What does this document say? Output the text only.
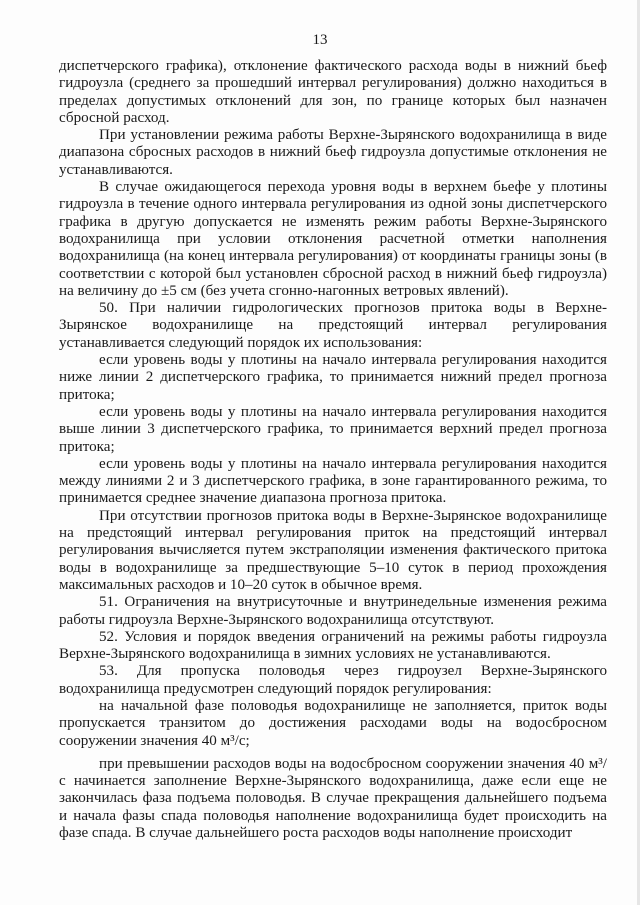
13

диспетчерского графика), отклонение фактического расхода воды в нижний бьеф гидроузла (среднего за прошедший интервал регулирования) должно находиться в пределах допустимых отклонений для зон, по границе которых был назначен сбросной расход.

При установлении режима работы Верхне-Зырянского водохранилища в виде диапазона сбросных расходов в нижний бьеф гидроузла допустимые отклонения не устанавливаются.

В случае ожидающегося перехода уровня воды в верхнем бьефе у плотины гидроузла в течение одного интервала регулирования из одной зоны диспетчерского графика в другую допускается не изменять режим работы Верхне-Зырянского водохранилища при условии отклонения расчетной отметки наполнения водохранилища (на конец интервала регулирования) от координаты границы зоны (в соответствии с которой был установлен сбросной расход в нижний бьеф гидроузла) на величину до ±5 см (без учета сгонно-нагонных ветровых явлений).

50. При наличии гидрологических прогнозов притока воды в Верхне-Зырянское водохранилище на предстоящий интервал регулирования устанавливается следующий порядок их использования:

если уровень воды у плотины на начало интервала регулирования находится ниже линии 2 диспетчерского графика, то принимается нижний предел прогноза притока;

если уровень воды у плотины на начало интервала регулирования находится выше линии 3 диспетчерского графика, то принимается верхний предел прогноза притока;

если уровень воды у плотины на начало интервала регулирования находится между линиями 2 и 3 диспетчерского графика, в зоне гарантированного режима, то принимается среднее значение диапазона прогноза притока.

При отсутствии прогнозов притока воды в Верхне-Зырянское водохранилище на предстоящий интервал регулирования приток на предстоящий интервал регулирования вычисляется путем экстраполяции изменения фактического притока воды в водохранилище за предшествующие 5–10 суток в период прохождения максимальных расходов и 10–20 суток в обычное время.

51. Ограничения на внутрисуточные и внутринедельные изменения режима работы гидроузла Верхне-Зырянского водохранилища отсутствуют.

52. Условия и порядок введения ограничений на режимы работы гидроузла Верхне-Зырянского водохранилища в зимних условиях не устанавливаются.

53. Для пропуска половодья через гидроузел Верхне-Зырянского водохранилища предусмотрен следующий порядок регулирования:

на начальной фазе половодья водохранилище не заполняется, приток воды пропускается транзитом до достижения расходами воды на водосбросном сооружении значения 40 м³/с;

при превышении расходов воды на водосбросном сооружении значения 40 м³/с начинается заполнение Верхне-Зырянского водохранилища, даже если еще не закончилась фаза подъема половодья. В случае прекращения дальнейшего подъема и начала фазы спада половодья наполнение водохранилища будет происходить на фазе спада. В случае дальнейшего роста расходов воды наполнение происходит
